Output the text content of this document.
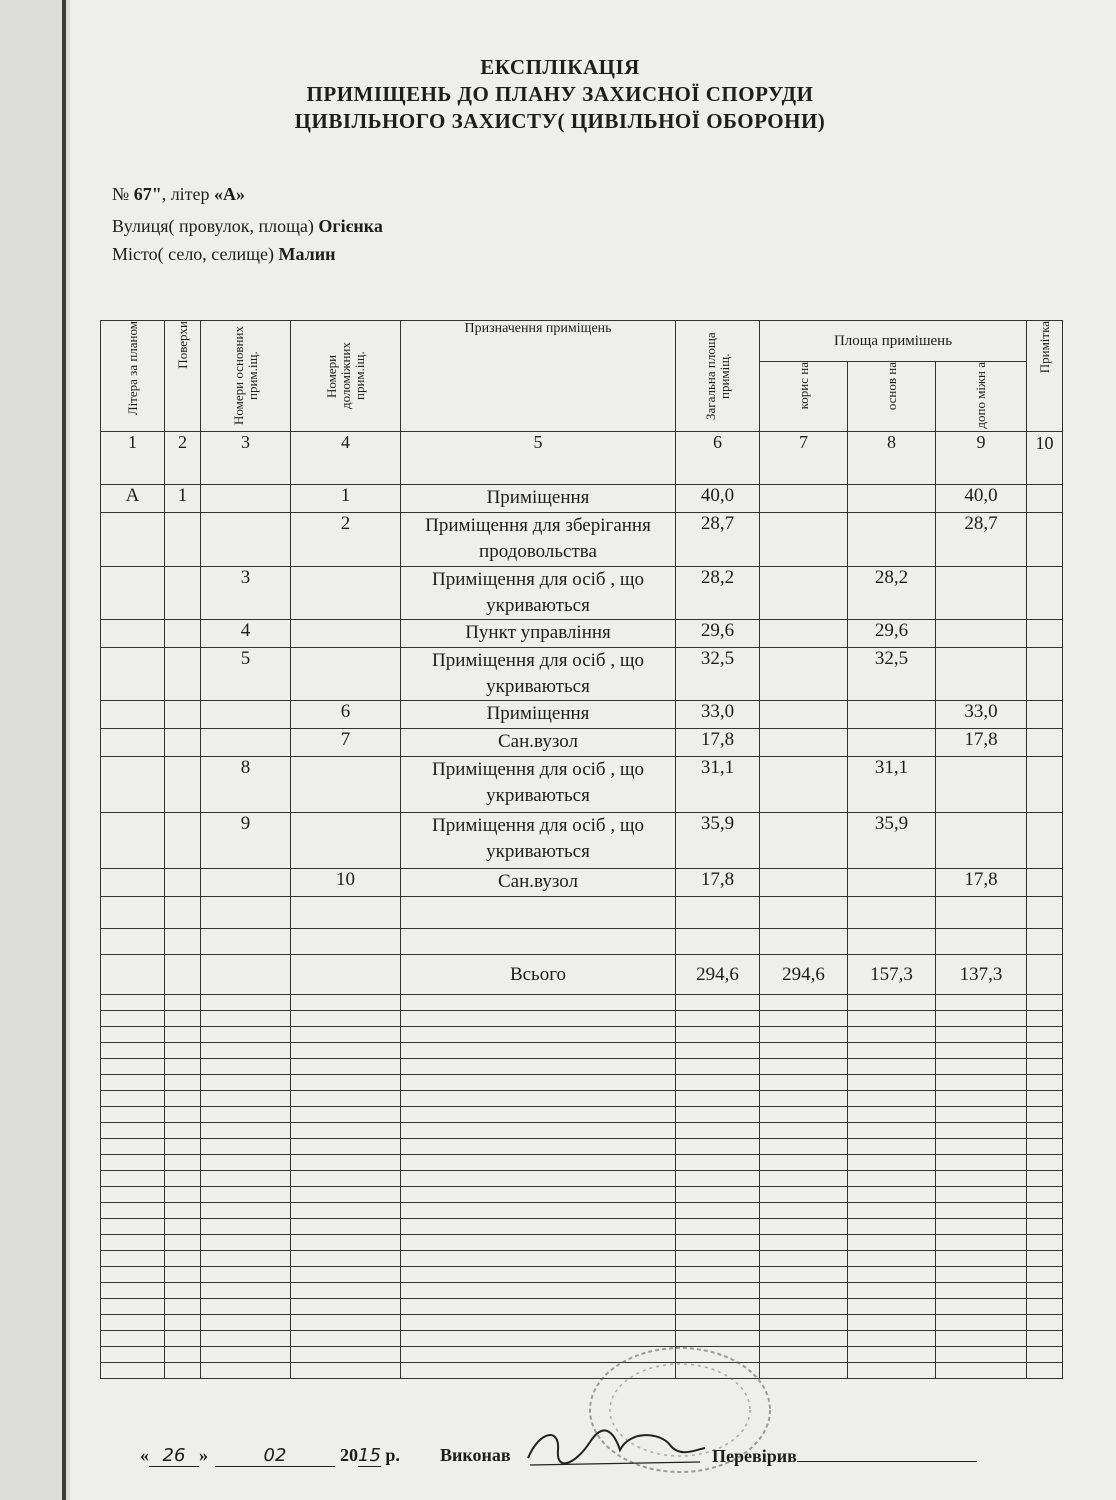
ЕКСПЛІКАЦІЯ
ПРИМІЩЕНЬ ДО ПЛАНУ ЗАХИСНОЇ СПОРУДИ
ЦИВІЛЬНОГО ЗАХИСТУ( ЦИВІЛЬНОЇ ОБОРОНИ)
№ 67", літер «А»
Вулиця( провулок, площа) Огієнка
Місто( село, селище) Малин
Літера за планом	Поверхи	Номери основних прим.іщ.	Номери доломіжних прим.іщ.	Призначення приміщень	Загальна площа приміщ.	Площа примішень			Примітка

						корис на	основ на	допо міжн а	

1	2	3	4	5	6	7	8	9	10
А	1		1	Приміщення	40,0			40,0	
			2	Приміщення для зберігання продовольства	28,7			28,7	
		3		Приміщення для осіб , що укриваються	28,2		28,2		
		4		Пункт управління	29,6		29,6		
		5		Приміщення для осіб , що укриваються	32,5		32,5		
			6	Приміщення	33,0			33,0	
			7	Сан.вузол	17,8			17,8	
		8		Приміщення для осіб , що укриваються	31,1		31,1		
		9		Приміщення для осіб , що укриваються	35,9		35,9		
			10	Сан.вузол	17,8			17,8	

				Всього	294,6	294,6	157,3	137,3	

« 26 »	02	2015 р. Виконав	Перевірив
